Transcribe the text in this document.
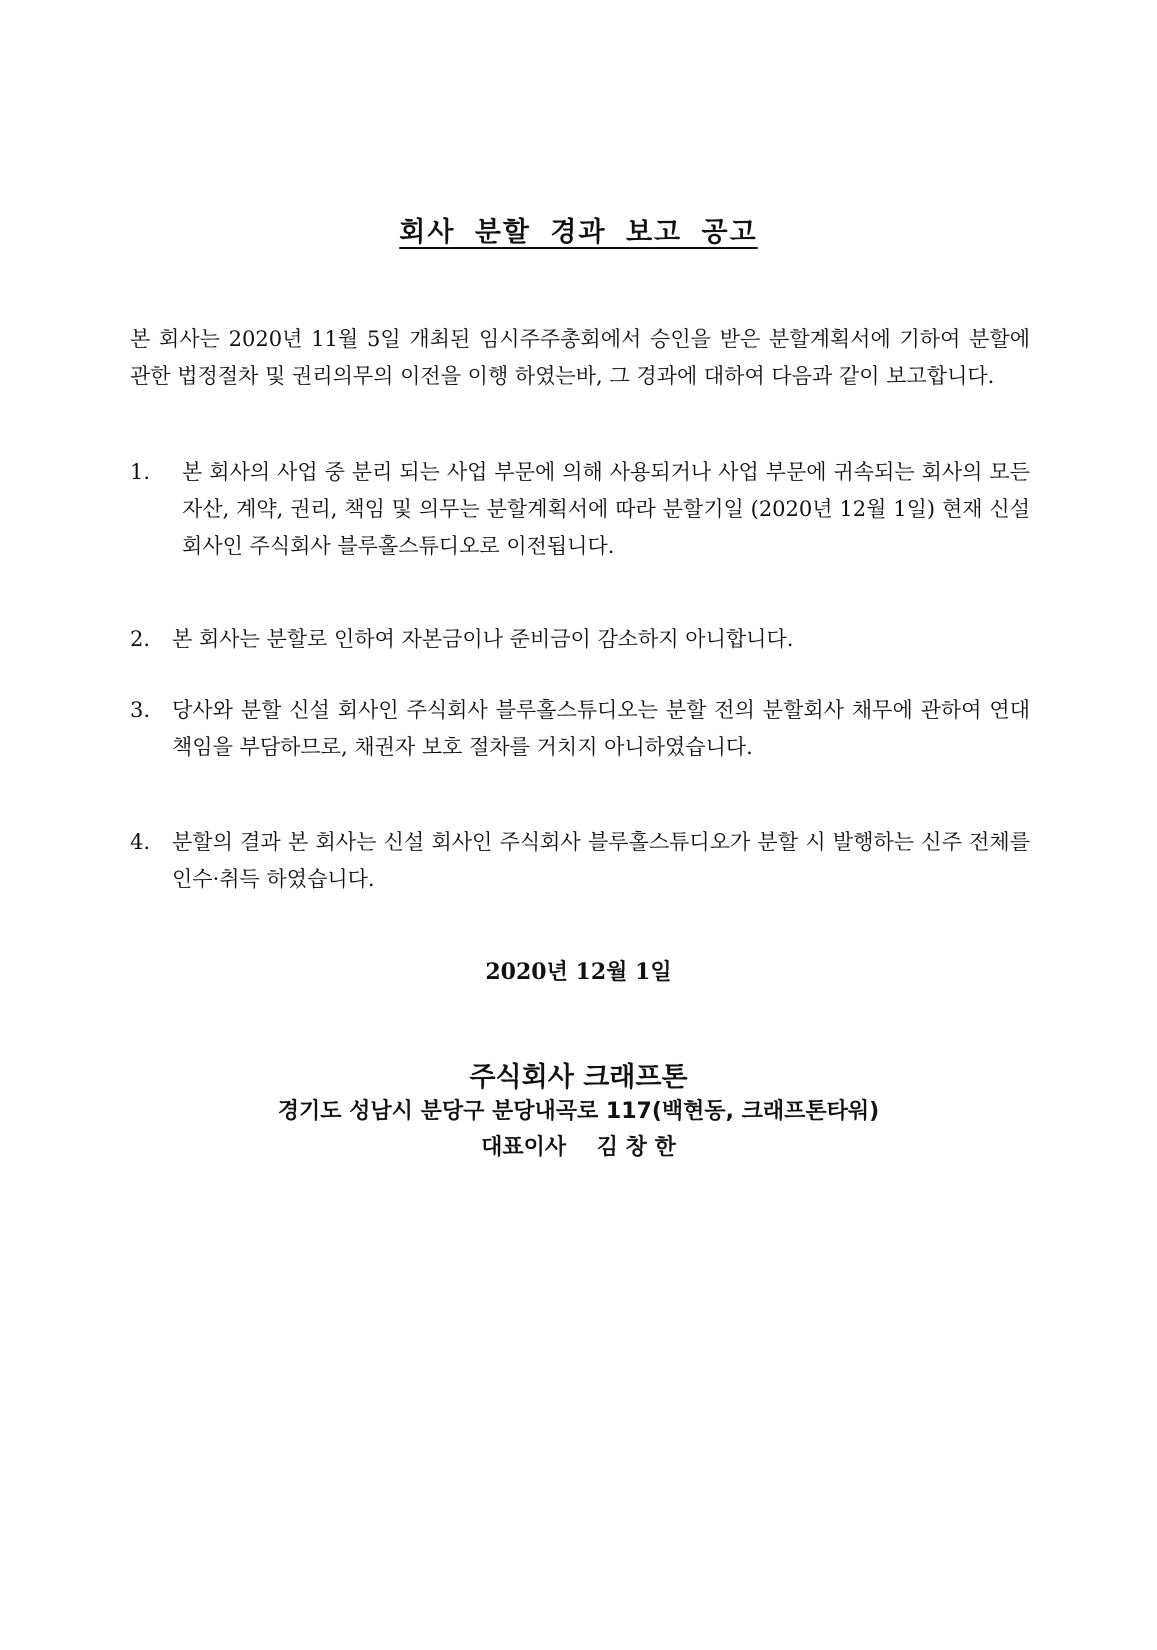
회사 분할 경과 보고 공고
본 회사는 2020년 11월 5일 개최된 임시주주총회에서 승인을 받은 분할계획서에 기하여 분할에 관한 법정절차 및 권리의무의 이전을 이행 하였는바, 그 경과에 대하여 다음과 같이 보고합니다.
1.	본 회사의 사업 중 분리 되는 사업 부문에 의해 사용되거나 사업 부문에 귀속되는 회사의 모든 자산, 계약, 권리, 책임 및 의무는 분할계획서에 따라 분할기일 (2020년 12월 1일) 현재 신설 회사인 주식회사 블루홀스튜디오로 이전됩니다.
2.	본 회사는 분할로 인하여 자본금이나 준비금이 감소하지 아니합니다.
3.	당사와 분할 신설 회사인 주식회사 블루홀스튜디오는 분할 전의 분할회사 채무에 관하여 연대책임을 부담하므로, 채권자 보호 절차를 거치지 아니하였습니다.
4.	분할의 결과 본 회사는 신설 회사인 주식회사 블루홀스튜디오가 분할 시 발행하는 신주 전체를 인수·취득 하였습니다.
2020년 12월 1일
주식회사 크래프톤
경기도 성남시 분당구 분당내곡로 117(백현동, 크래프톤타워)
대표이사    김 창 한
